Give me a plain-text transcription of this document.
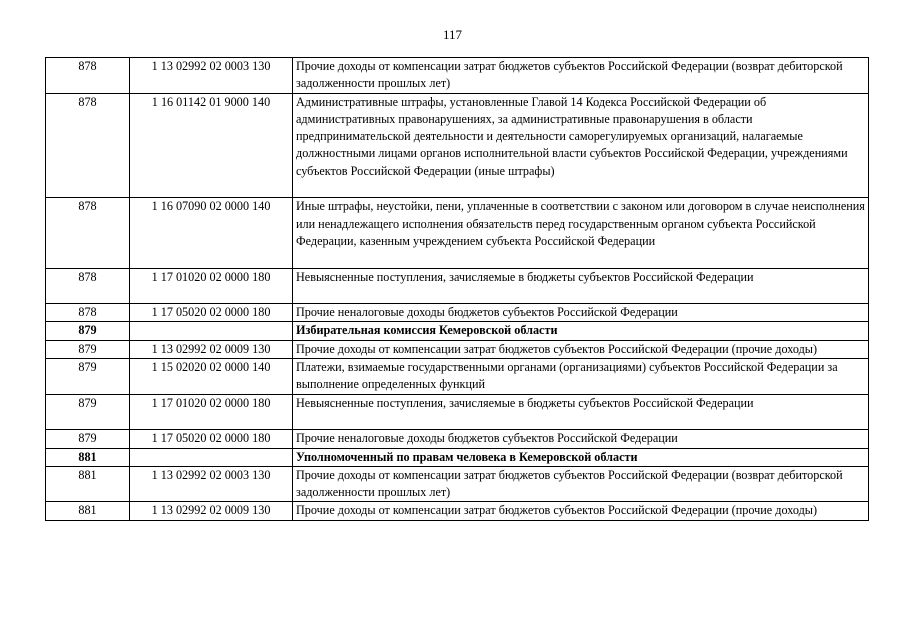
117
878	1 13 02992 02 0003 130	Прочие доходы от компенсации затрат бюджетов субъектов Российской Федерации (возврат дебиторской задолженности прошлых лет)
878	1 16 01142 01 9000 140	Административные штрафы, установленные Главой 14 Кодекса Российской Федерации об административных правонарушениях, за административные правонарушения в области предпринимательской деятельности и деятельности саморегулируемых организаций, налагаемые должностными лицами органов исполнительной власти субъектов Российской Федерации, учреждениями субъектов Российской Федерации (иные штрафы)

878	1 16 07090 02 0000 140	Иные штрафы, неустойки, пени, уплаченные в соответствии с законом или договором в случае неисполнения или ненадлежащего исполнения обязательств перед государственным органом субъекта Российской Федерации, казенным учреждением субъекта Российской Федерации

878	1 17 01020 02 0000 180	Невыясненные поступления, зачисляемые в бюджеты субъектов Российской Федерации

878	1 17 05020 02 0000 180	Прочие неналоговые доходы бюджетов субъектов Российской Федерации
879		Избирательная комиссия Кемеровской области
879	1 13 02992 02 0009 130	Прочие доходы от компенсации затрат бюджетов субъектов Российской Федерации (прочие доходы)
879	1 15 02020 02 0000 140	Платежи, взимаемые государственными органами (организациями) субъектов Российской Федерации за выполнение определенных функций
879	1 17 01020 02 0000 180	Невыясненные поступления, зачисляемые в бюджеты субъектов Российской Федерации

879	1 17 05020 02 0000 180	Прочие неналоговые доходы бюджетов субъектов Российской Федерации
881		Уполномоченный по правам человека в Кемеровской области
881	1 13 02992 02 0003 130	Прочие доходы от компенсации затрат бюджетов субъектов Российской Федерации (возврат дебиторской задолженности прошлых лет)
881	1 13 02992 02 0009 130	Прочие доходы от компенсации затрат бюджетов субъектов Российской Федерации (прочие доходы)
